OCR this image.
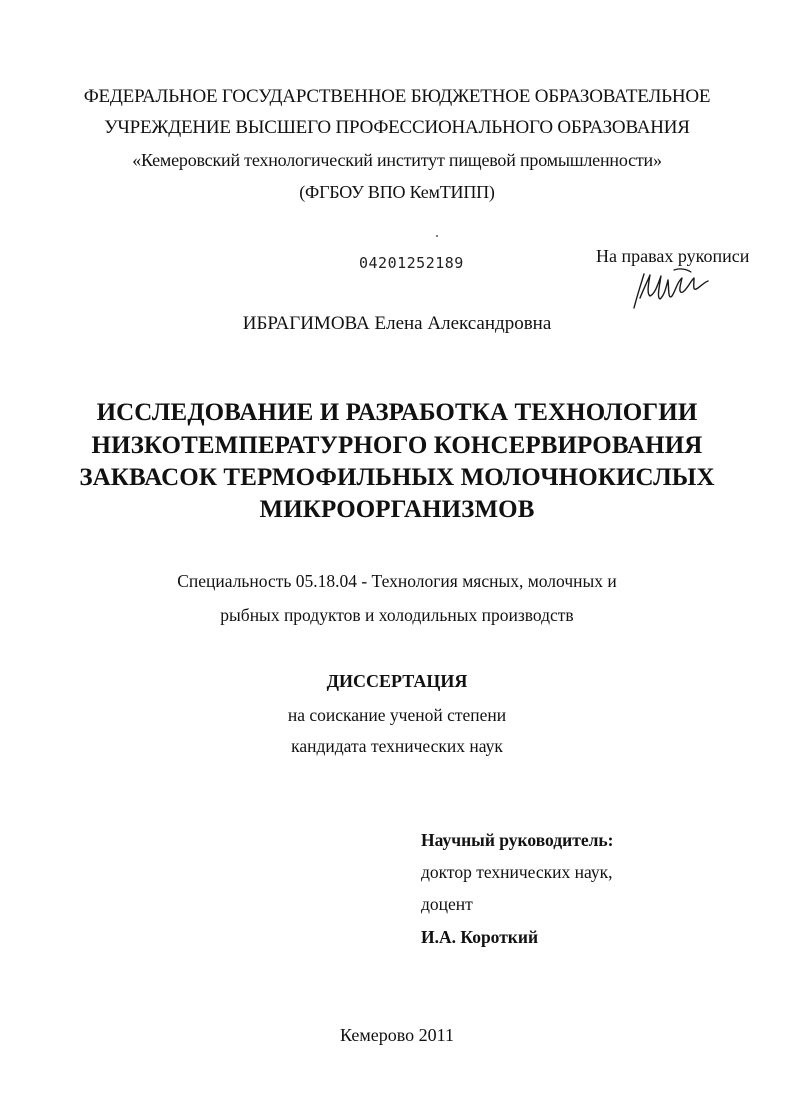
ФЕДЕРАЛЬНОЕ ГОСУДАРСТВЕННОЕ БЮДЖЕТНОЕ ОБРАЗОВАТЕЛЬНОЕ
УЧРЕЖДЕНИЕ ВЫСШЕГО ПРОФЕССИОНАЛЬНОГО ОБРАЗОВАНИЯ
«Кемеровский технологический институт пищевой промышленности»
(ФГБОУ ВПО КемТИПП)
04201252189	На правах рукописи
ИБРАГИМОВА Елена Александровна
ИССЛЕДОВАНИЕ И РАЗРАБОТКА ТЕХНОЛОГИИ
НИЗКОТЕМПЕРАТУРНОГО КОНСЕРВИРОВАНИЯ
ЗАКВАСОК ТЕРМОФИЛЬНЫХ МОЛОЧНОКИСЛЫХ
МИКРООРГАНИЗМОВ
Специальность 05.18.04 - Технология мясных, молочных и
рыбных продуктов и холодильных производств
ДИССЕРТАЦИЯ
на соискание ученой степени
кандидата технических наук
Научный руководитель:
доктор технических наук,
доцент
И.А. Короткий
Кемерово 2011
